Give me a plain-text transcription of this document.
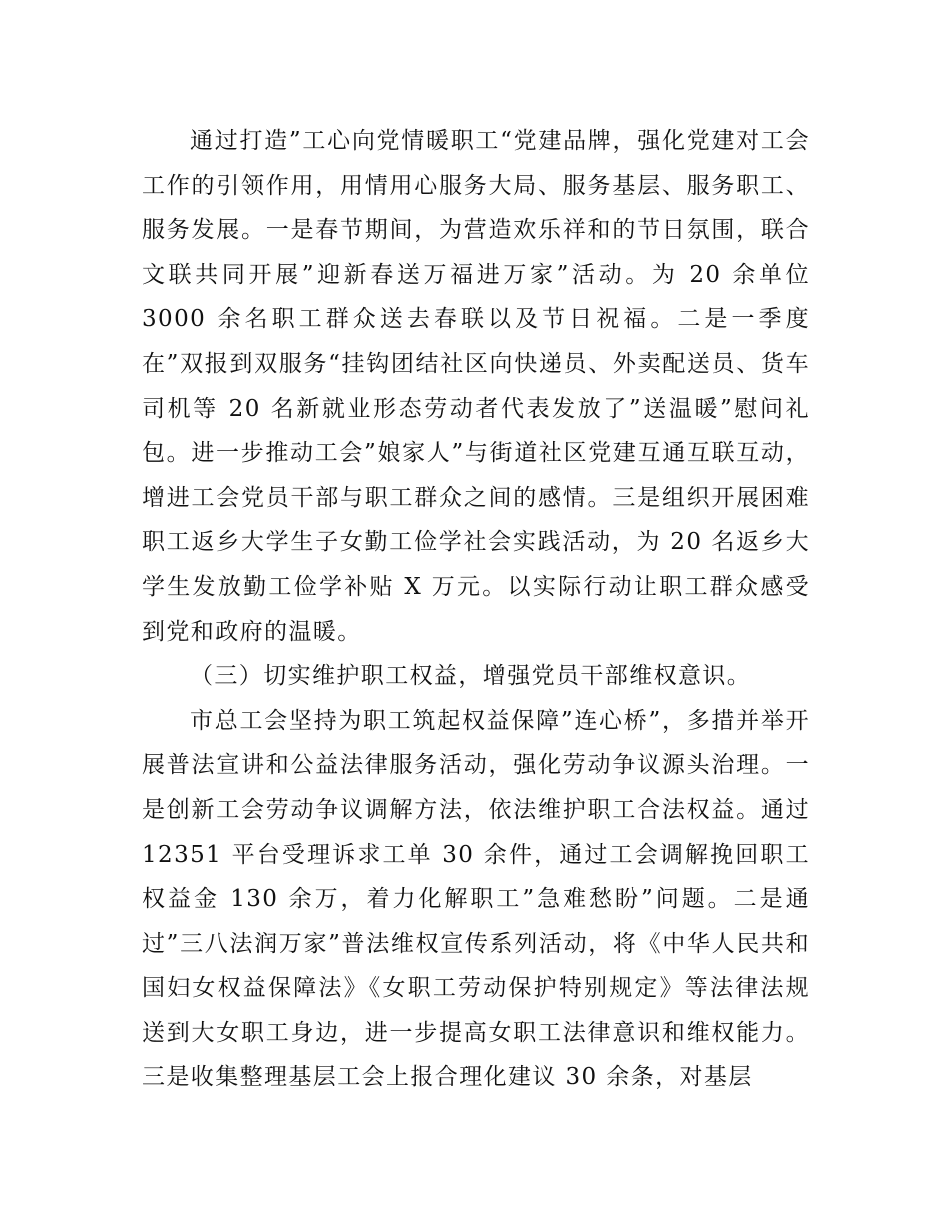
通过打造”工心向党情暖职工“党建品牌，强化党建对工会工作的引领作用，用情用心服务大局、服务基层、服务职工、服务发展。一是春节期间，为营造欢乐祥和的节日氛围，联合文联共同开展”迎新春送万福进万家”活动。为 20 余单位 3000 余名职工群众送去春联以及节日祝福。二是一季度在”双报到双服务“挂钩团结社区向快递员、外卖配送员、货车司机等 20 名新就业形态劳动者代表发放了”送温暖”慰问礼包。进一步推动工会”娘家人”与街道社区党建互通互联互动，增进工会党员干部与职工群众之间的感情。三是组织开展困难职工返乡大学生子女勤工俭学社会实践活动，为 20 名返乡大学生发放勤工俭学补贴 X 万元。以实际行动让职工群众感受到党和政府的温暖。

（三）切实维护职工权益，增强党员干部维权意识。

市总工会坚持为职工筑起权益保障”连心桥”，多措并举开展普法宣讲和公益法律服务活动，强化劳动争议源头治理。一是创新工会劳动争议调解方法，依法维护职工合法权益。通过 12351 平台受理诉求工单 30 余件，通过工会调解挽回职工权益金 130 余万，着力化解职工”急难愁盼”问题。二是通过”三八法润万家”普法维权宣传系列活动，将《中华人民共和国妇女权益保障法》《女职工劳动保护特别规定》等法律法规送到大女职工身边，进一步提高女职工法律意识和维权能力。三是收集整理基层工会上报合理化建议 30 余条，对基层
